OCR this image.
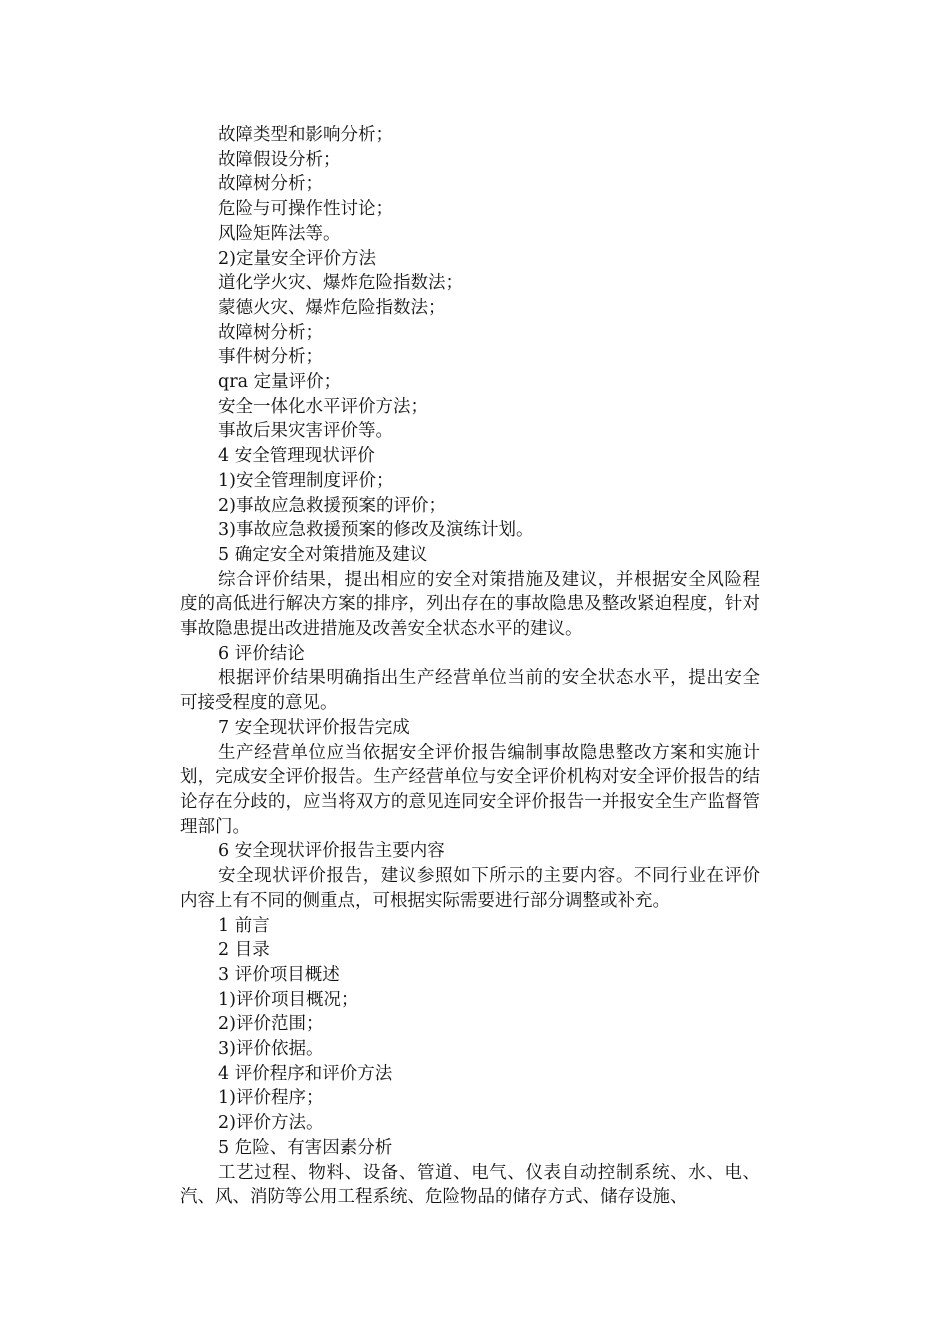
故障类型和影响分析；

故障假设分析；

故障树分析；

危险与可操作性讨论；

风险矩阵法等。

2)定量安全评价方法

道化学火灾、爆炸危险指数法；

蒙德火灾、爆炸危险指数法；

故障树分析；

事件树分析；

qra 定量评价；

安全一体化水平评价方法；

事故后果灾害评价等。

4 安全管理现状评价

1)安全管理制度评价；

2)事故应急救援预案的评价；

3)事故应急救援预案的修改及演练计划。

5 确定安全对策措施及建议

综合评价结果，提出相应的安全对策措施及建议，并根据安全风险程度的高低进行解决方案的排序，列出存在的事故隐患及整改紧迫程度，针对事故隐患提出改进措施及改善安全状态水平的建议。

6 评价结论

根据评价结果明确指出生产经营单位当前的安全状态水平，提出安全可接受程度的意见。

7 安全现状评价报告完成

生产经营单位应当依据安全评价报告编制事故隐患整改方案和实施计划，完成安全评价报告。生产经营单位与安全评价机构对安全评价报告的结论存在分歧的，应当将双方的意见连同安全评价报告一并报安全生产监督管理部门。

6 安全现状评价报告主要内容

安全现状评价报告，建议参照如下所示的主要内容。不同行业在评价内容上有不同的侧重点，可根据实际需要进行部分调整或补充。

1 前言

2 目录

3 评价项目概述

1)评价项目概况；

2)评价范围；

3)评价依据。

4 评价程序和评价方法

1)评价程序；

2)评价方法。

5 危险、有害因素分析

工艺过程、物料、设备、管道、电气、仪表自动控制系统、水、电、汽、风、消防等公用工程系统、危险物品的储存方式、储存设施、
